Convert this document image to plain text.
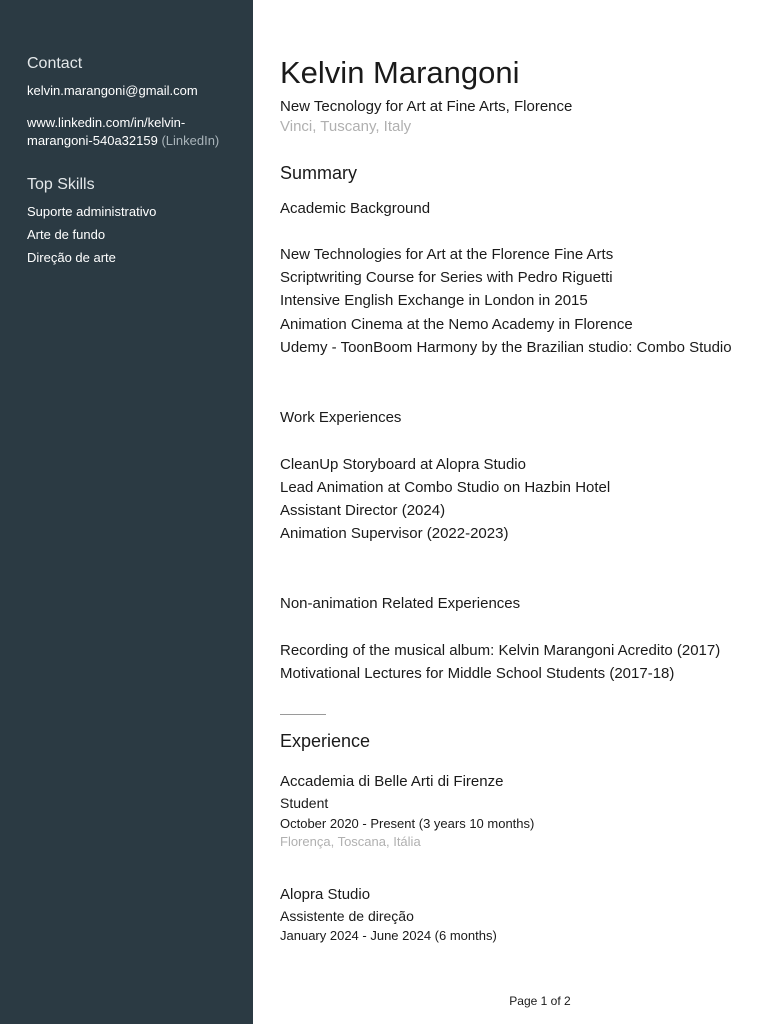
Contact
kelvin.marangoni@gmail.com
www.linkedin.com/in/kelvin-marangoni-540a32159 (LinkedIn)
Top Skills
Suporte administrativo
Arte de fundo
Direção de arte
Kelvin Marangoni
New Tecnology for Art at Fine Arts, Florence
Vinci, Tuscany, Italy
Summary
Academic Background
New Technologies for Art at the Florence Fine Arts
Scriptwriting Course for Series with Pedro Riguetti
Intensive English Exchange in London in 2015
Animation Cinema at the Nemo Academy in Florence
Udemy - ToonBoom Harmony by the Brazilian studio: Combo Studio
Work Experiences
CleanUp Storyboard at Alopra Studio
Lead Animation at Combo Studio on Hazbin Hotel
Assistant Director (2024)
Animation Supervisor (2022-2023)
Non-animation Related Experiences
Recording of the musical album: Kelvin Marangoni Acredito (2017)
Motivational Lectures for Middle School Students (2017-18)
Experience
Accademia di Belle Arti di Firenze
Student
October 2020 - Present (3 years 10 months)
Florença, Toscana, Itália
Alopra Studio
Assistente de direção
January 2024 - June 2024 (6 months)
Page 1 of 2
